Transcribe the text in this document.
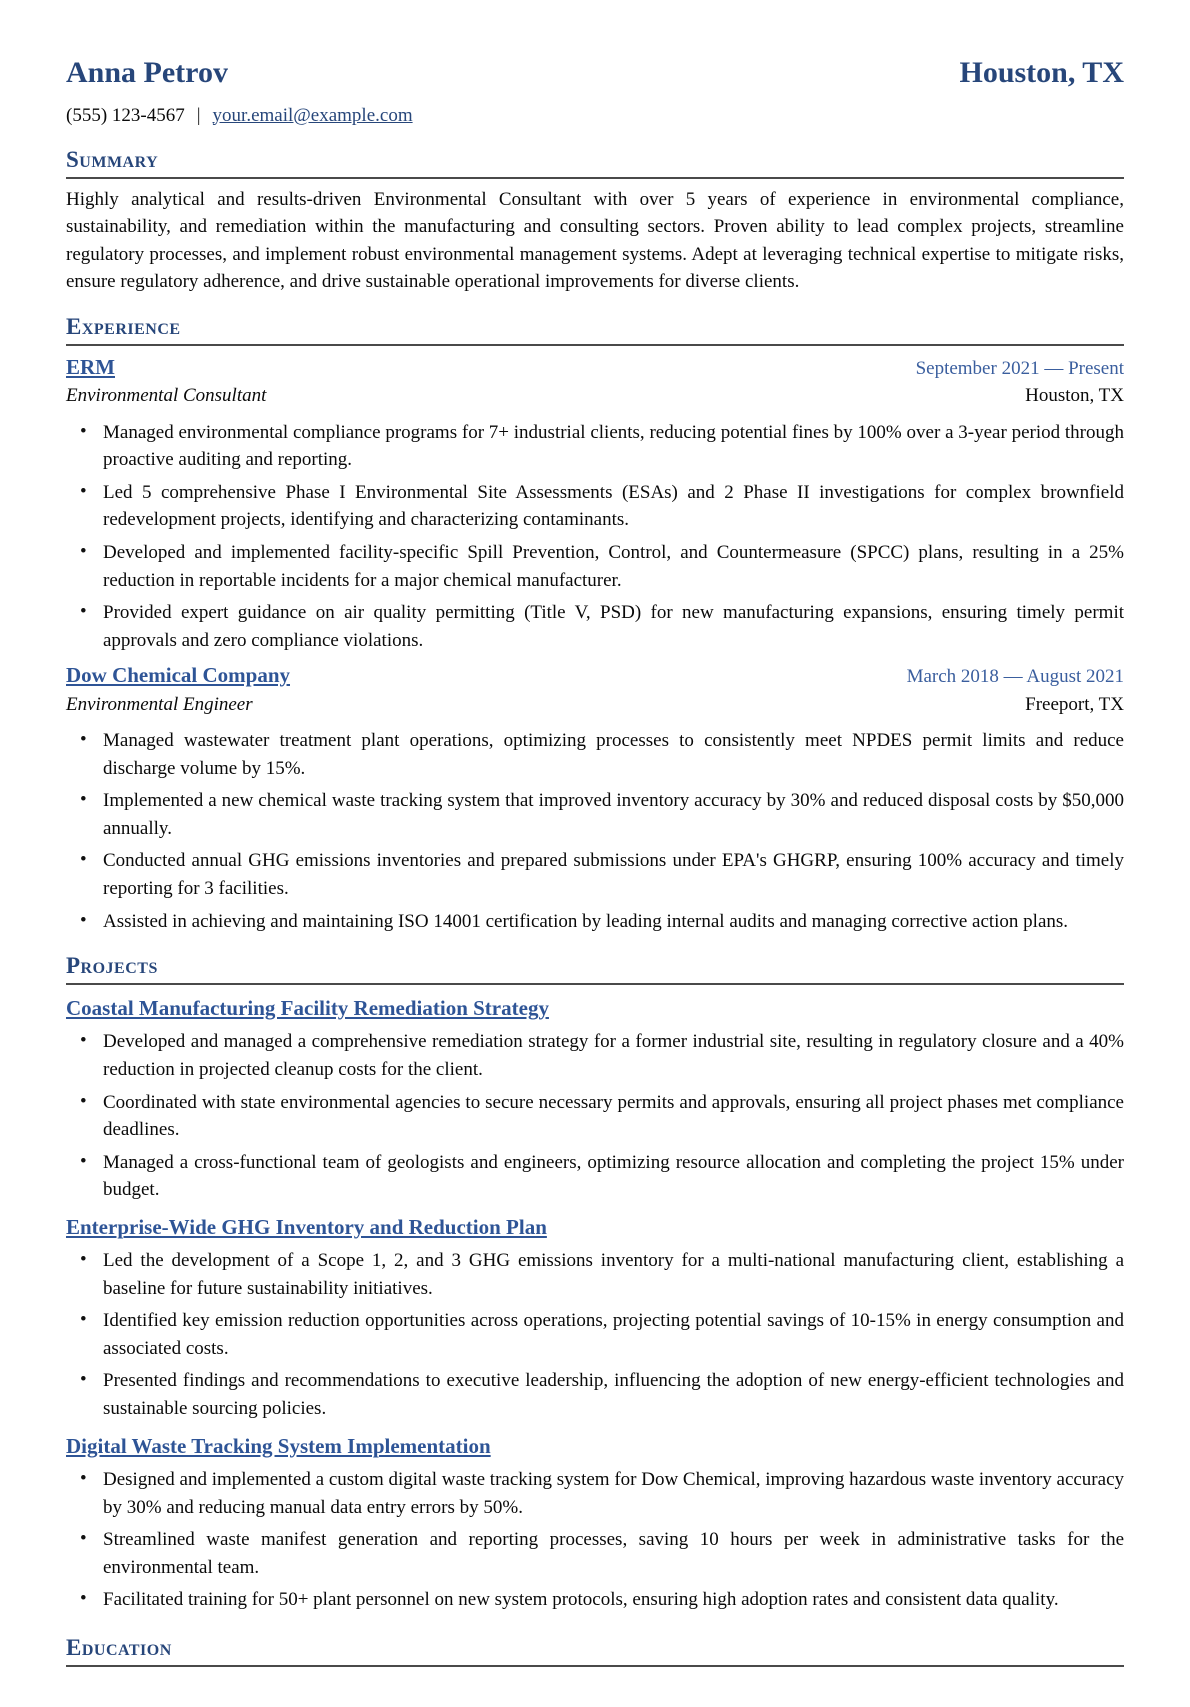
Anna Petrov	Houston, TX
(555) 123-4567 | your.email@example.com
Summary

Highly analytical and results-driven Environmental Consultant with over 5 years of experience in environmental compliance, sustainability, and remediation within the manufacturing and consulting sectors. Proven ability to lead complex projects, streamline regulatory processes, and implement robust environmental management systems. Adept at leveraging technical expertise to mitigate risks, ensure regulatory adherence, and drive sustainable operational improvements for diverse clients.

Experience
ERM	September 2021 — Present
Environmental Consultant	Houston, TX
• Managed environmental compliance programs for 7+ industrial clients, reducing potential fines by 100% over a 3-year period through proactive auditing and reporting.
• Led 5 comprehensive Phase I Environmental Site Assessments (ESAs) and 2 Phase II investigations for complex brownfield redevelopment projects, identifying and characterizing contaminants.
• Developed and implemented facility-specific Spill Prevention, Control, and Countermeasure (SPCC) plans, resulting in a 25% reduction in reportable incidents for a major chemical manufacturer.
• Provided expert guidance on air quality permitting (Title V, PSD) for new manufacturing expansions, ensuring timely permit approvals and zero compliance violations.
Dow Chemical Company	March 2018 — August 2021
Environmental Engineer	Freeport, TX
• Managed wastewater treatment plant operations, optimizing processes to consistently meet NPDES permit limits and reduce discharge volume by 15%.
• Implemented a new chemical waste tracking system that improved inventory accuracy by 30% and reduced disposal costs by $50,000 annually.
• Conducted annual GHG emissions inventories and prepared submissions under EPA's GHGRP, ensuring 100% accuracy and timely reporting for 3 facilities.
• Assisted in achieving and maintaining ISO 14001 certification by leading internal audits and managing corrective action plans.
Projects
Coastal Manufacturing Facility Remediation Strategy
• Developed and managed a comprehensive remediation strategy for a former industrial site, resulting in regulatory closure and a 40% reduction in projected cleanup costs for the client.
• Coordinated with state environmental agencies to secure necessary permits and approvals, ensuring all project phases met compliance deadlines.
• Managed a cross-functional team of geologists and engineers, optimizing resource allocation and completing the project 15% under budget.
Enterprise-Wide GHG Inventory and Reduction Plan
• Led the development of a Scope 1, 2, and 3 GHG emissions inventory for a multi-national manufacturing client, establishing a baseline for future sustainability initiatives.
• Identified key emission reduction opportunities across operations, projecting potential savings of 10-15% in energy consumption and associated costs.
• Presented findings and recommendations to executive leadership, influencing the adoption of new energy-efficient technologies and sustainable sourcing policies.
Digital Waste Tracking System Implementation
• Designed and implemented a custom digital waste tracking system for Dow Chemical, improving hazardous waste inventory accuracy by 30% and reducing manual data entry errors by 50%.
• Streamlined waste manifest generation and reporting processes, saving 10 hours per week in administrative tasks for the environmental team.
• Facilitated training for 50+ plant personnel on new system protocols, ensuring high adoption rates and consistent data quality.
Education
